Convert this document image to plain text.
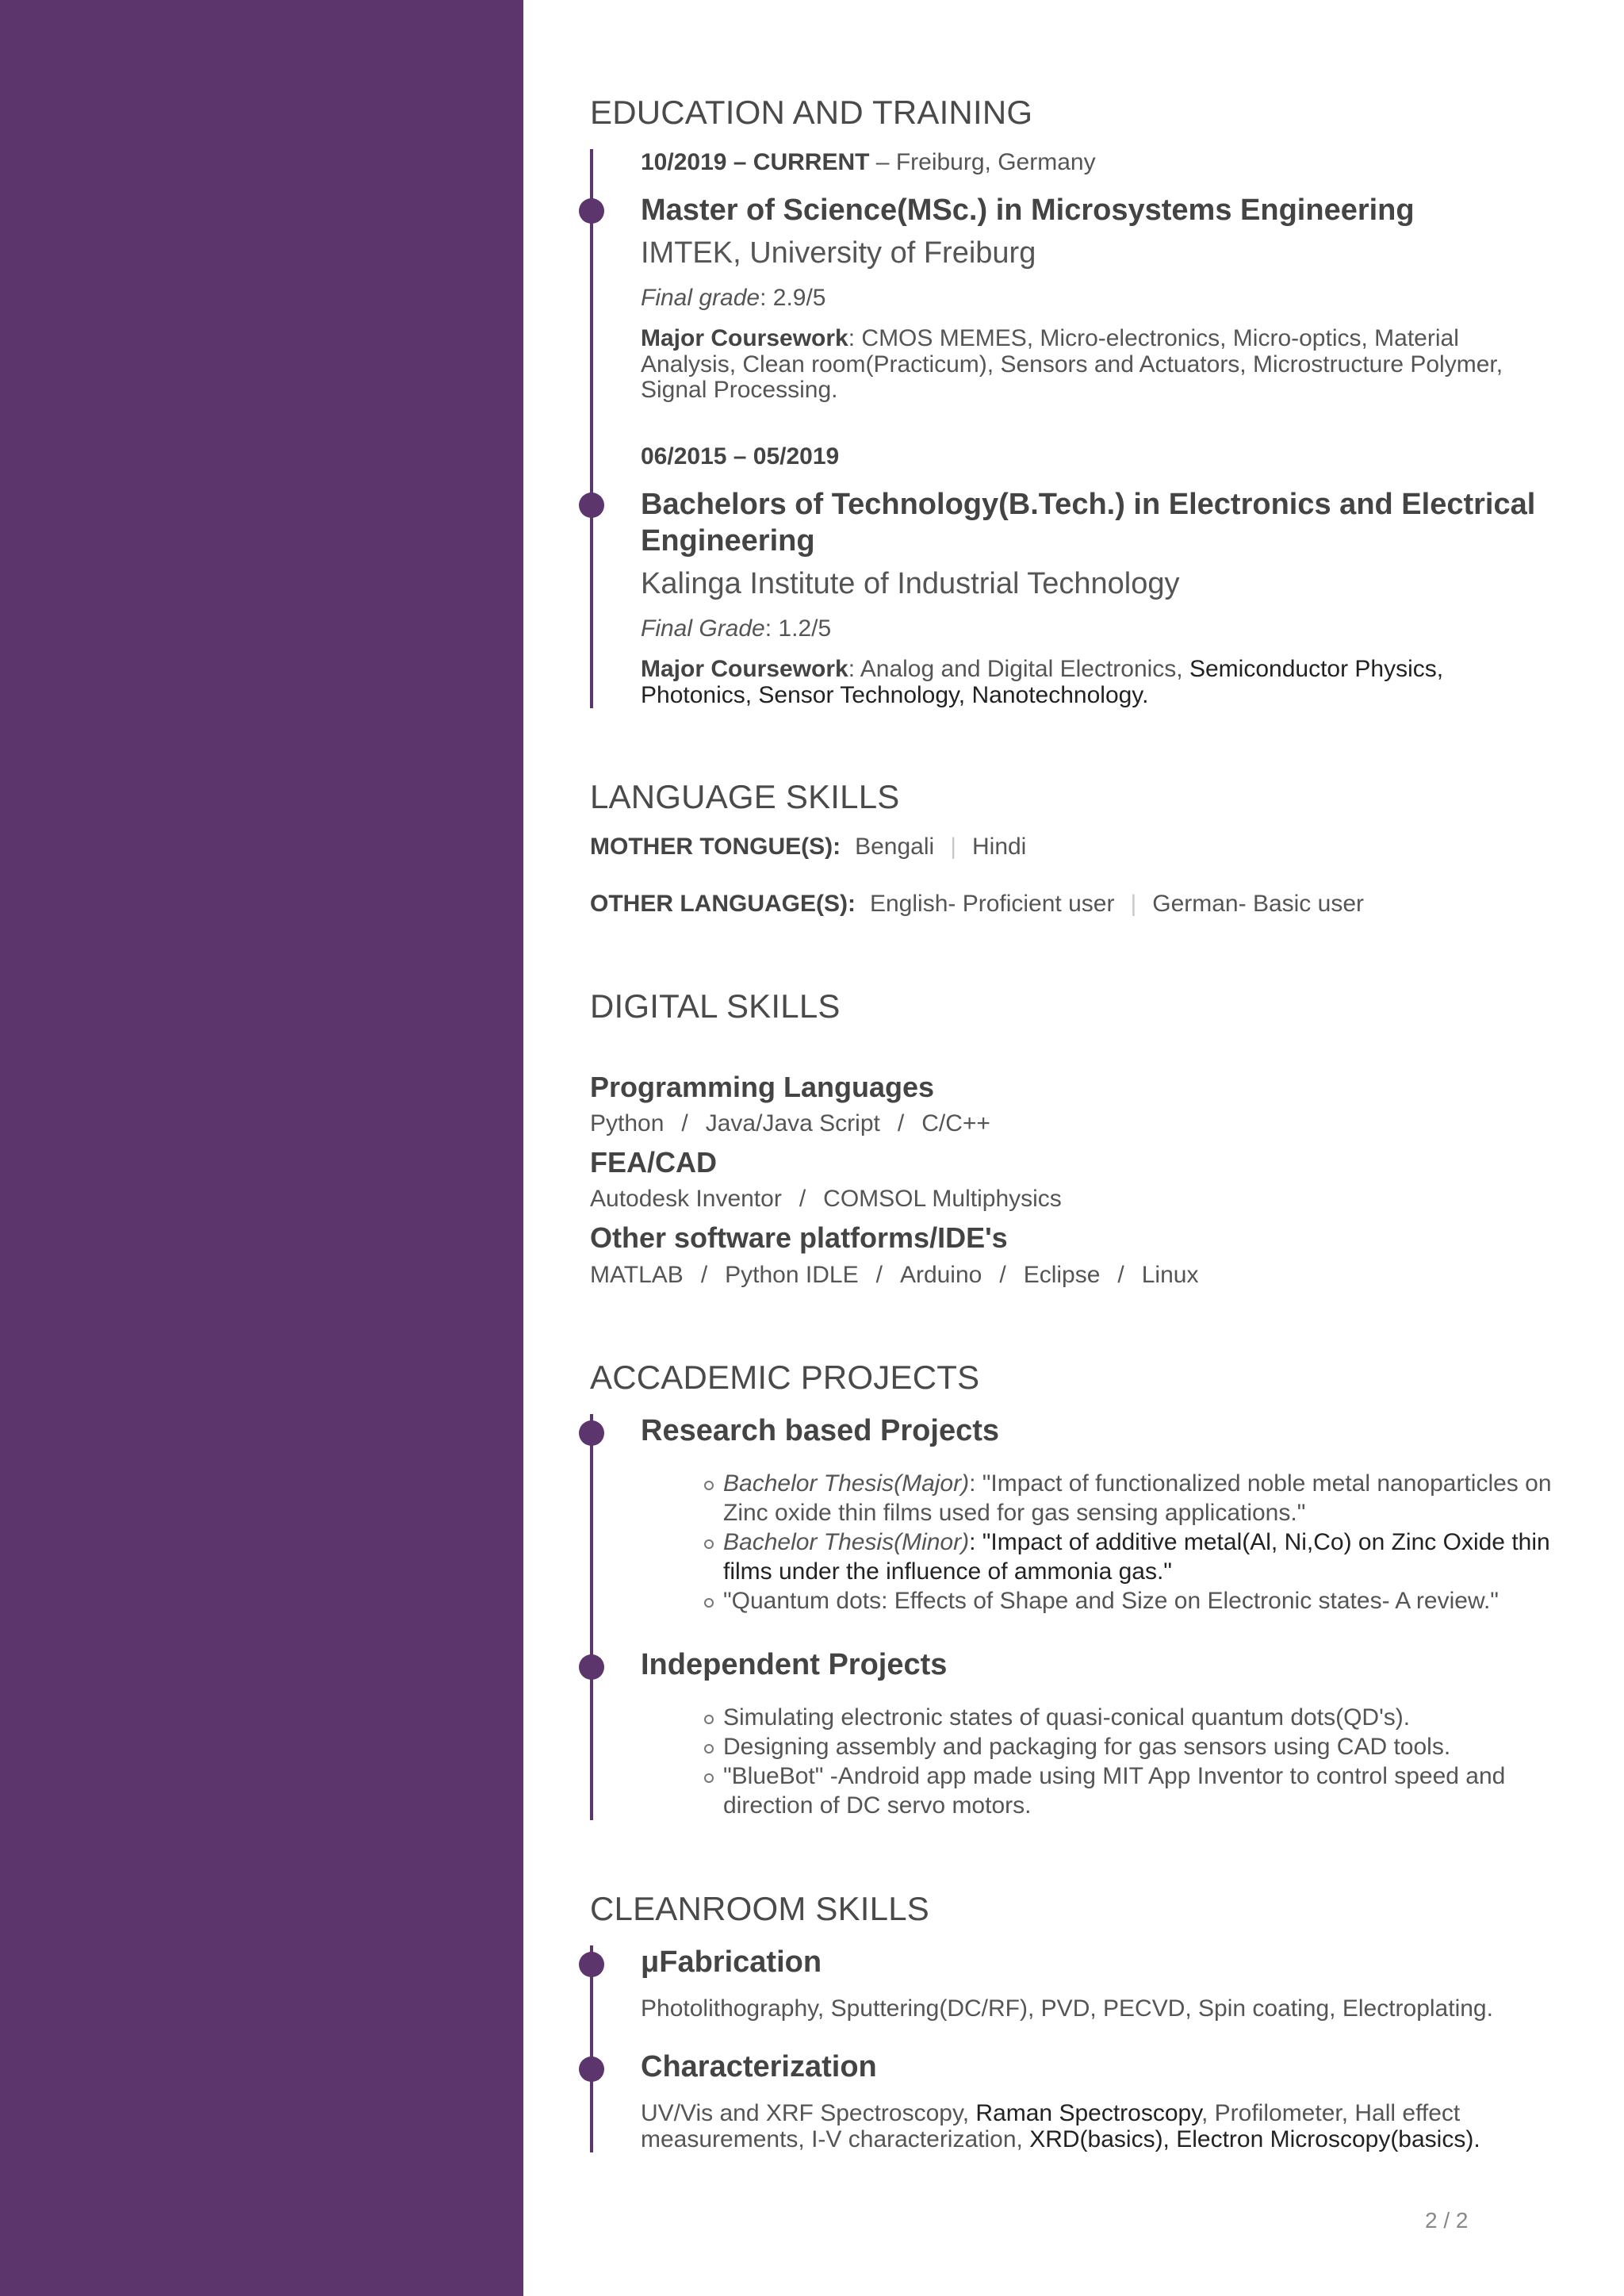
EDUCATION AND TRAINING
10/2019 – CURRENT – Freiburg, Germany
Master of Science(MSc.) in Microsystems Engineering
IMTEK, University of Freiburg
Final grade: 2.9/5
Major Coursework: CMOS MEMES, Micro-electronics, Micro-optics, Material Analysis, Clean room(Practicum), Sensors and Actuators, Microstructure Polymer, Signal Processing.
06/2015 – 05/2019
Bachelors of Technology(B.Tech.) in Electronics and Electrical Engineering
Kalinga Institute of Industrial Technology
Final Grade: 1.2/5
Major Coursework: Analog and Digital Electronics, Semiconductor Physics, Photonics, Sensor Technology, Nanotechnology.
LANGUAGE SKILLS
MOTHER TONGUE(S): Bengali | Hindi
OTHER LANGUAGE(S): English- Proficient user | German- Basic user
DIGITAL SKILLS
Programming Languages
Python / Java/Java Script / C/C++
FEA/CAD
Autodesk Inventor / COMSOL Multiphysics
Other software platforms/IDE's
MATLAB / Python IDLE / Arduino / Eclipse / Linux
ACCADEMIC PROJECTS
Research based Projects
Bachelor Thesis(Major): "Impact of functionalized noble metal nanoparticles on Zinc oxide thin films used for gas sensing applications."
Bachelor Thesis(Minor): "Impact of additive metal(Al, Ni,Co) on Zinc Oxide thin films under the influence of ammonia gas."
"Quantum dots: Effects of Shape and Size on Electronic states- A review."
Independent Projects
Simulating electronic states of quasi-conical quantum dots(QD's).
Designing assembly and packaging for gas sensors using CAD tools.
"BlueBot" -Android app made using MIT App Inventor to control speed and direction of DC servo motors.
CLEANROOM SKILLS
μFabrication
Photolithography, Sputtering(DC/RF), PVD, PECVD, Spin coating, Electroplating.
Characterization
UV/Vis and XRF Spectroscopy, Raman Spectroscopy, Profilometer, Hall effect measurements, I-V characterization, XRD(basics), Electron Microscopy(basics).
2 / 2
